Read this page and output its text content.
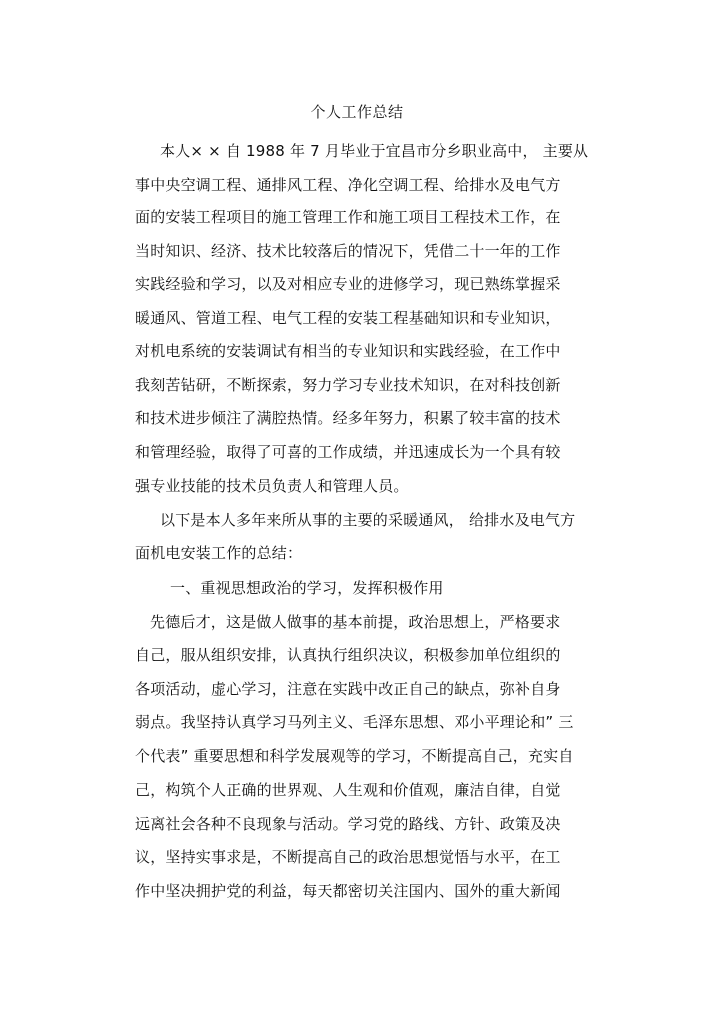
个人工作总结
本人× × 自 1988 年 7 月毕业于宜昌市分乡职业高中， 主要从
事中央空调工程、通排风工程、净化空调工程、给排水及电气方
面的安装工程项目的施工管理工作和施工项目工程技术工作，在
当时知识、经济、技术比较落后的情况下，凭借二十一年的工作
实践经验和学习，以及对相应专业的进修学习，现已熟练掌握采
暖通风、管道工程、电气工程的安装工程基础知识和专业知识，
对机电系统的安装调试有相当的专业知识和实践经验，在工作中
我刻苦钻研，不断探索，努力学习专业技术知识，在对科技创新
和技术进步倾注了满腔热情。经多年努力，积累了较丰富的技术
和管理经验，取得了可喜的工作成绩，并迅速成长为一个具有较
强专业技能的技术员负责人和管理人员。
以下是本人多年来所从事的主要的采暖通风， 给排水及电气方
面机电安装工作的总结：
一、重视思想政治的学习，发挥积极作用
先德后才，这是做人做事的基本前提，政治思想上，严格要求
自己，服从组织安排，认真执行组织决议，积极参加单位组织的
各项活动，虚心学习，注意在实践中改正自己的缺点，弥补自身
弱点。我坚持认真学习马列主义、毛泽东思想、邓小平理论和” 三
个代表” 重要思想和科学发展观等的学习，不断提高自己，充实自
己，构筑个人正确的世界观、人生观和价值观，廉洁自律，自觉
远离社会各种不良现象与活动。学习党的路线、方针、政策及决
议，坚持实事求是，不断提高自己的政治思想觉悟与水平，在工
作中坚决拥护党的利益，每天都密切关注国内、国外的重大新闻
